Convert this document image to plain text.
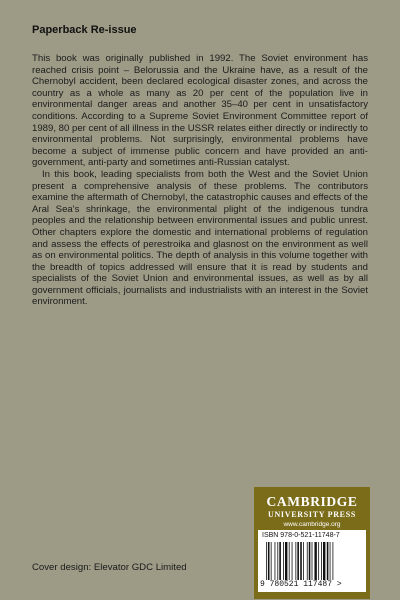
Paperback Re-issue

This book was originally published in 1992. The Soviet environment has reached crisis point – Belorussia and the Ukraine have, as a result of the Chernobyl accident, been declared ecological disaster zones, and across the country as a whole as many as 20 per cent of the population live in environmental danger areas and another 35–40 per cent in unsatisfactory conditions. According to a Supreme Soviet Environment Committee report of 1989, 80 per cent of all illness in the USSR relates either directly or indirectly to environmental problems. Not surprisingly, environmental problems have become a subject of immense public concern and have provided an anti-government, anti-party and sometimes anti-Russian catalyst.

In this book, leading specialists from both the West and the Soviet Union present a comprehensive analysis of these problems. The contributors examine the aftermath of Chernobyl, the catastrophic causes and effects of the Aral Sea's shrinkage, the environmental plight of the indigenous tundra peoples and the relationship between environmental issues and public unrest. Other chapters explore the domestic and international problems of regulation and assess the effects of perestroika and glasnost on the environment as well as on environmental politics. The depth of analysis in this volume together with the breadth of topics addressed will ensure that it is read by students and specialists of the Soviet Union and environmental issues, as well as by all government officials, journalists and industrialists with an interest in the Soviet environment.

CAMBRIDGE
UNIVERSITY PRESS
www.cambridge.org
ISBN 978-0-521-11748-7
9 780521 117487 >
Cover design: Elevator GDC Limited
